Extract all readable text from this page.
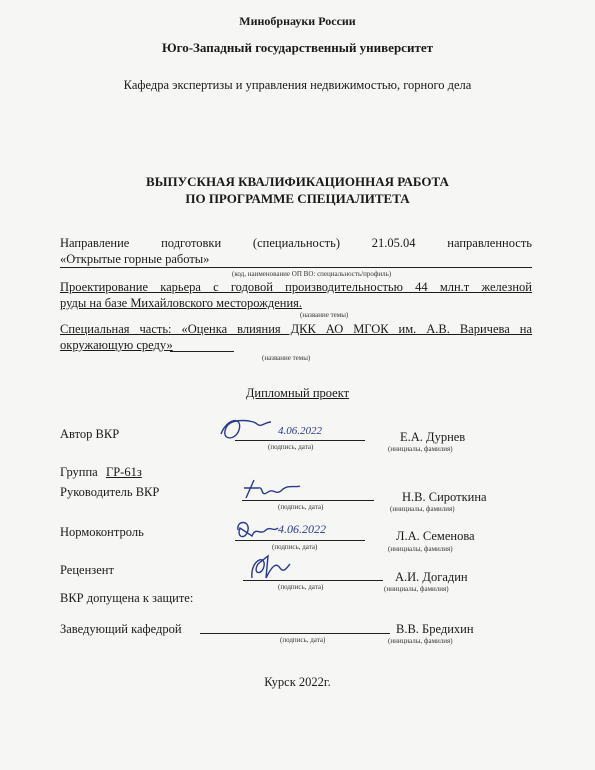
Минобрнауки России
Юго-Западный государственный университет
Кафедра экспертизы и управления недвижимостью, горного дела
ВЫПУСКНАЯ КВАЛИФИКАЦИОННАЯ РАБОТА
ПО ПРОГРАММЕ СПЕЦИАЛИТЕТА
Направление подготовки (специальность) 21.05.04 направленность
«Открытые горные работы»
(код, наименование ОП ВО: специальность/профиль)
Проектирование карьера с годовой производительностью 44 млн.т железной
руды на базе Михайловского месторождения.
(название темы)
Специальная часть: «Оценка влияния ДКК АО МГОК им. А.В. Варичева на
окружающую среду»
(название темы)
Дипломный проект
Автор ВКР	4.06.2022
(подпись, дата)
Е.А. Дурнев
(инициалы, фамилия)
Группа ГР-61з
Руководитель ВКР
(подпись, дата)
Н.В. Сироткина
(инициалы, фамилия)
Нормоконтроль	4.06.2022
(подпись, дата)
Л.А. Семенова
(инициалы, фамилия)
Рецензент
(подпись, дата)
А.И. Догадин
(инициалы, фамилия)
ВКР допущена к защите:
Заведующий кафедрой
(подпись, дата)
В.В. Бредихин
(инициалы, фамилия)
Курск 2022г.
